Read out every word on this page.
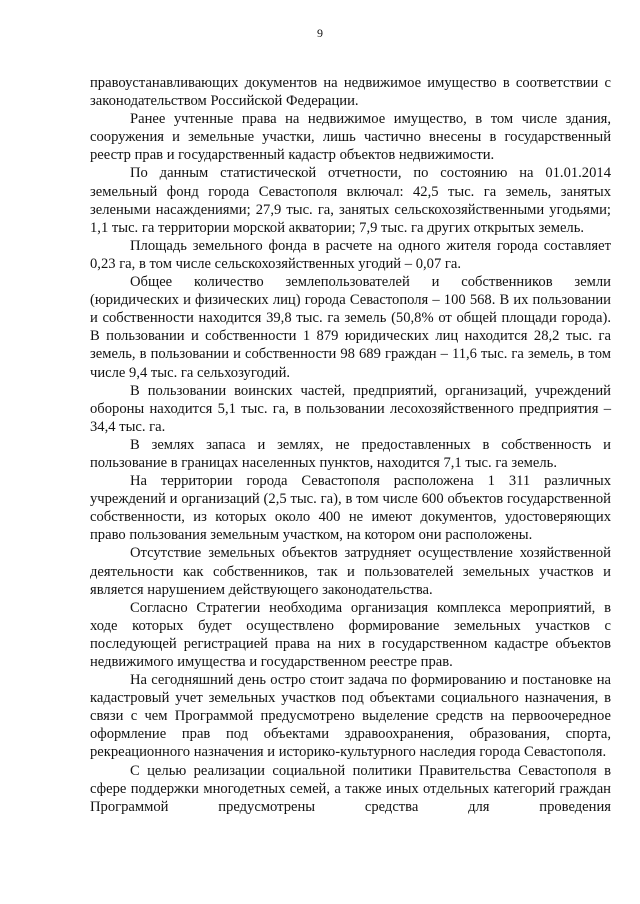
9

правоустанавливающих документов на недвижимое имущество в соответствии с законодательством Российской Федерации.

Ранее учтенные права на недвижимое имущество, в том числе здания, сооружения и земельные участки, лишь частично внесены в государственный реестр прав и государственный кадастр объектов недвижимости.

По данным статистической отчетности, по состоянию на 01.01.2014 земельный фонд города Севастополя включал: 42,5 тыс. га земель, занятых зелеными насаждениями; 27,9 тыс. га, занятых сельскохозяйственными угодьями; 1,1 тыс. га территории морской акватории; 7,9 тыс. га других открытых земель.

Площадь земельного фонда в расчете на одного жителя города составляет 0,23 га, в том числе сельскохозяйственных угодий – 0,07 га.

Общее количество землепользователей и собственников земли (юридических и физических лиц) города Севастополя – 100 568. В их пользовании и собственности находится 39,8 тыс. га земель (50,8% от общей площади города). В пользовании и собственности 1 879 юридических лиц находится 28,2 тыс. га земель, в пользовании и собственности 98 689 граждан – 11,6 тыс. га земель, в том числе 9,4 тыс. га сельхозугодий.

В пользовании воинских частей, предприятий, организаций, учреждений обороны находится 5,1 тыс. га, в пользовании лесохозяйственного предприятия – 34,4 тыс. га.

В землях запаса и землях, не предоставленных в собственность и пользование в границах населенных пунктов, находится 7,1 тыс. га земель.

На территории города Севастополя расположена 1 311 различных учреждений и организаций (2,5 тыс. га), в том числе 600 объектов государственной собственности, из которых около 400 не имеют документов, удостоверяющих право пользования земельным участком, на котором они расположены.

Отсутствие земельных объектов затрудняет осуществление хозяйственной деятельности как собственников, так и пользователей земельных участков и является нарушением действующего законодательства.

Согласно Стратегии необходима организация комплекса мероприятий, в ходе которых будет осуществлено формирование земельных участков с последующей регистрацией права на них в государственном кадастре объектов недвижимого имущества и государственном реестре прав.

На сегодняшний день остро стоит задача по формированию и постановке на кадастровый учет земельных участков под объектами социального назначения, в связи с чем Программой предусмотрено выделение средств на первоочередное оформление прав под объектами здравоохранения, образования, спорта, рекреационного назначения и историко-культурного наследия города Севастополя.

С целью реализации социальной политики Правительства Севастополя в сфере поддержки многодетных семей, а также иных отдельных категорий граждан Программой предусмотрены средства для проведения
